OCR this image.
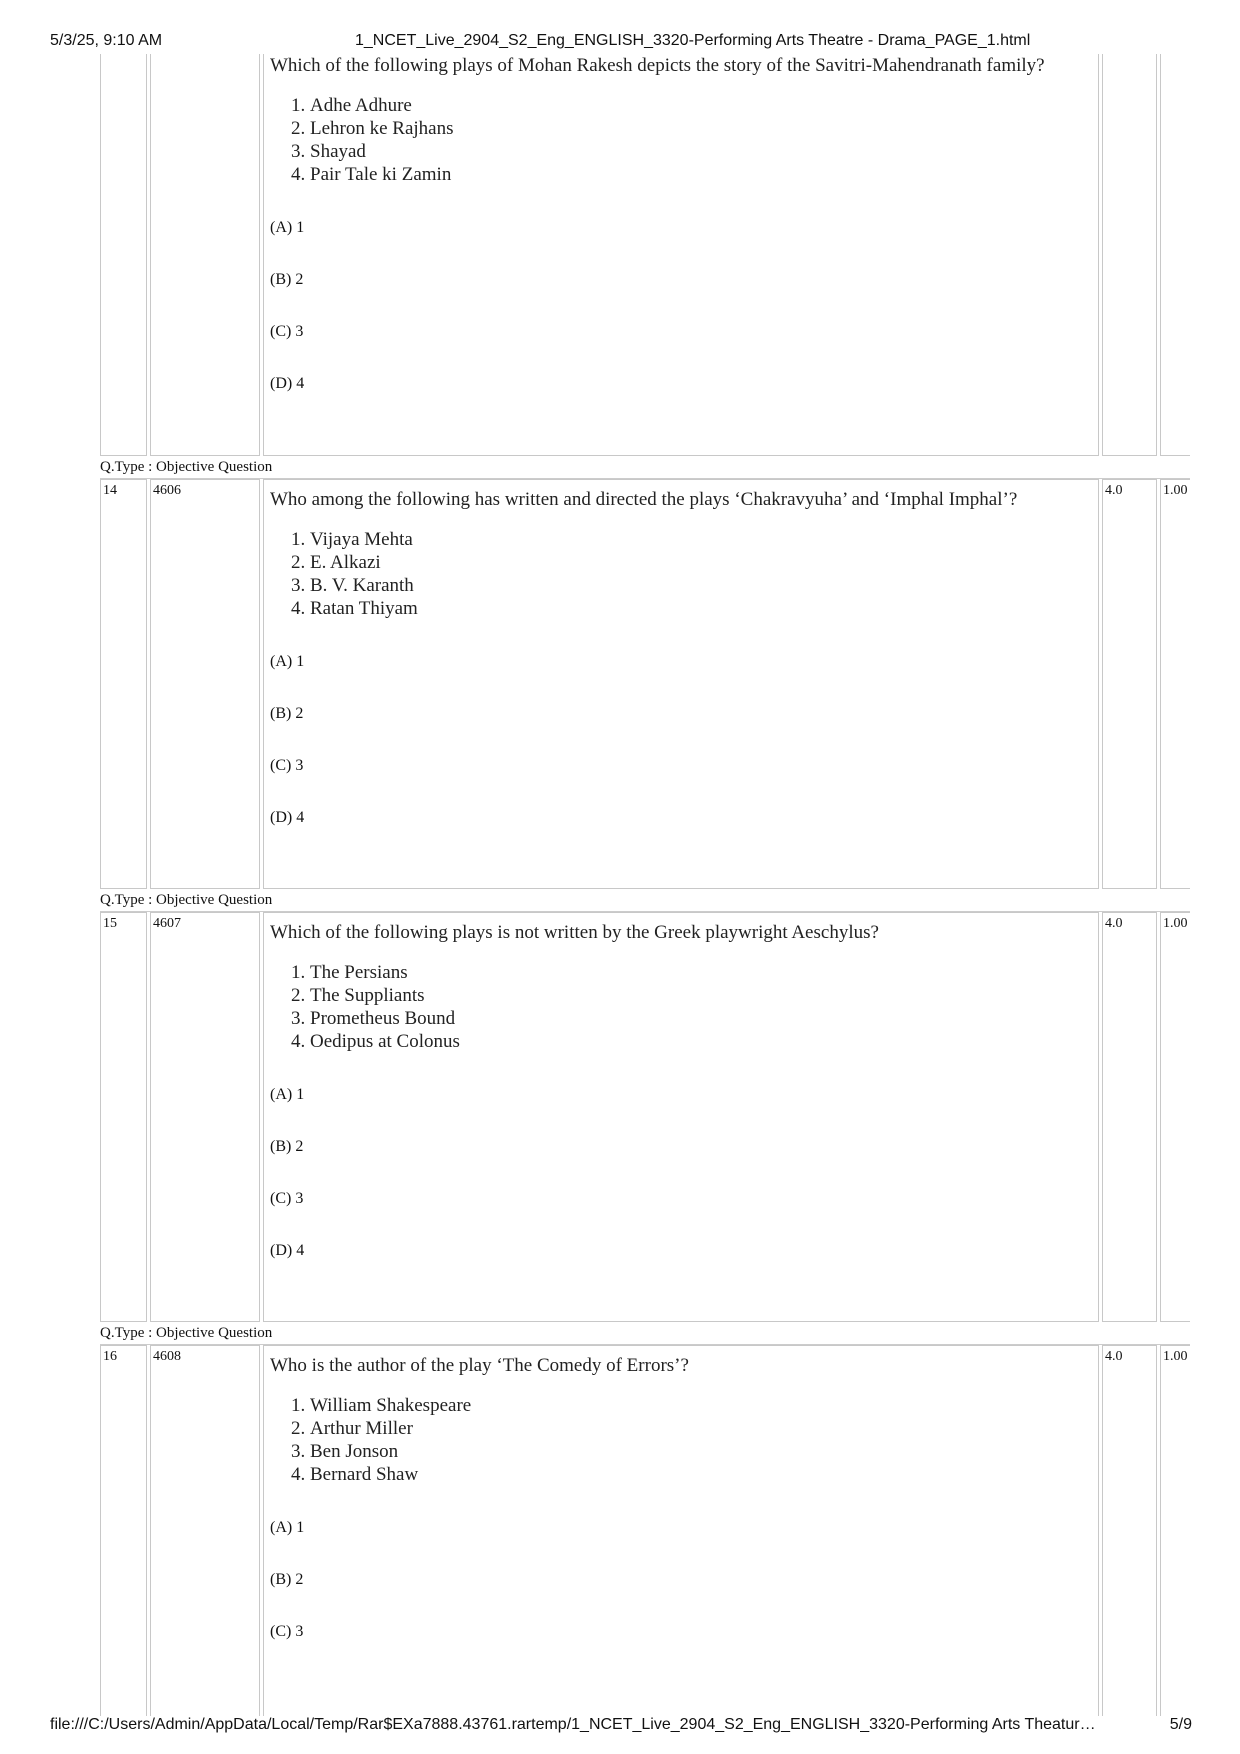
5/3/25, 9:10 AM	1_NCET_Live_2904_S2_Eng_ENGLISH_3320-Performing Arts Theatre - Drama_PAGE_1.html

Which of the following plays of Mohan Rakesh depicts the story of the Savitri-Mahendranath family?

1. Adhe Adhure
2. Lehron ke Rajhans
3. Shayad
4. Pair Tale ki Zamin

(A) 1

(B) 2

(C) 3

(D) 4

Q.Type : Objective Question
14	4606	Who among the following has written and directed the plays ‘Chakravyuha’ and ‘Imphal Imphal’?

1. Vijaya Mehta
2. E. Alkazi
3. B. V. Karanth
4. Ratan Thiyam

(A) 1

(B) 2

(C) 3

(D) 4

4.0	1.00
Q.Type : Objective Question
15	4607	Which of the following plays is not written by the Greek playwright Aeschylus?

1. The Persians
2. The Suppliants
3. Prometheus Bound
4. Oedipus at Colonus

(A) 1

(B) 2

(C) 3

(D) 4

4.0	1.00
Q.Type : Objective Question
16	4608	Who is the author of the play ‘The Comedy of Errors’?

1. William Shakespeare
2. Arthur Miller
3. Ben Jonson
4. Bernard Shaw

(A) 1

(B) 2

(C) 3

4.0	1.00
file:///C:/Users/Admin/AppData/Local/Temp/Rar$EXa7888.43761.rartemp/1_NCET_Live_2904_S2_Eng_ENGLISH_3320-Performing Arts Theatur…	5/9
